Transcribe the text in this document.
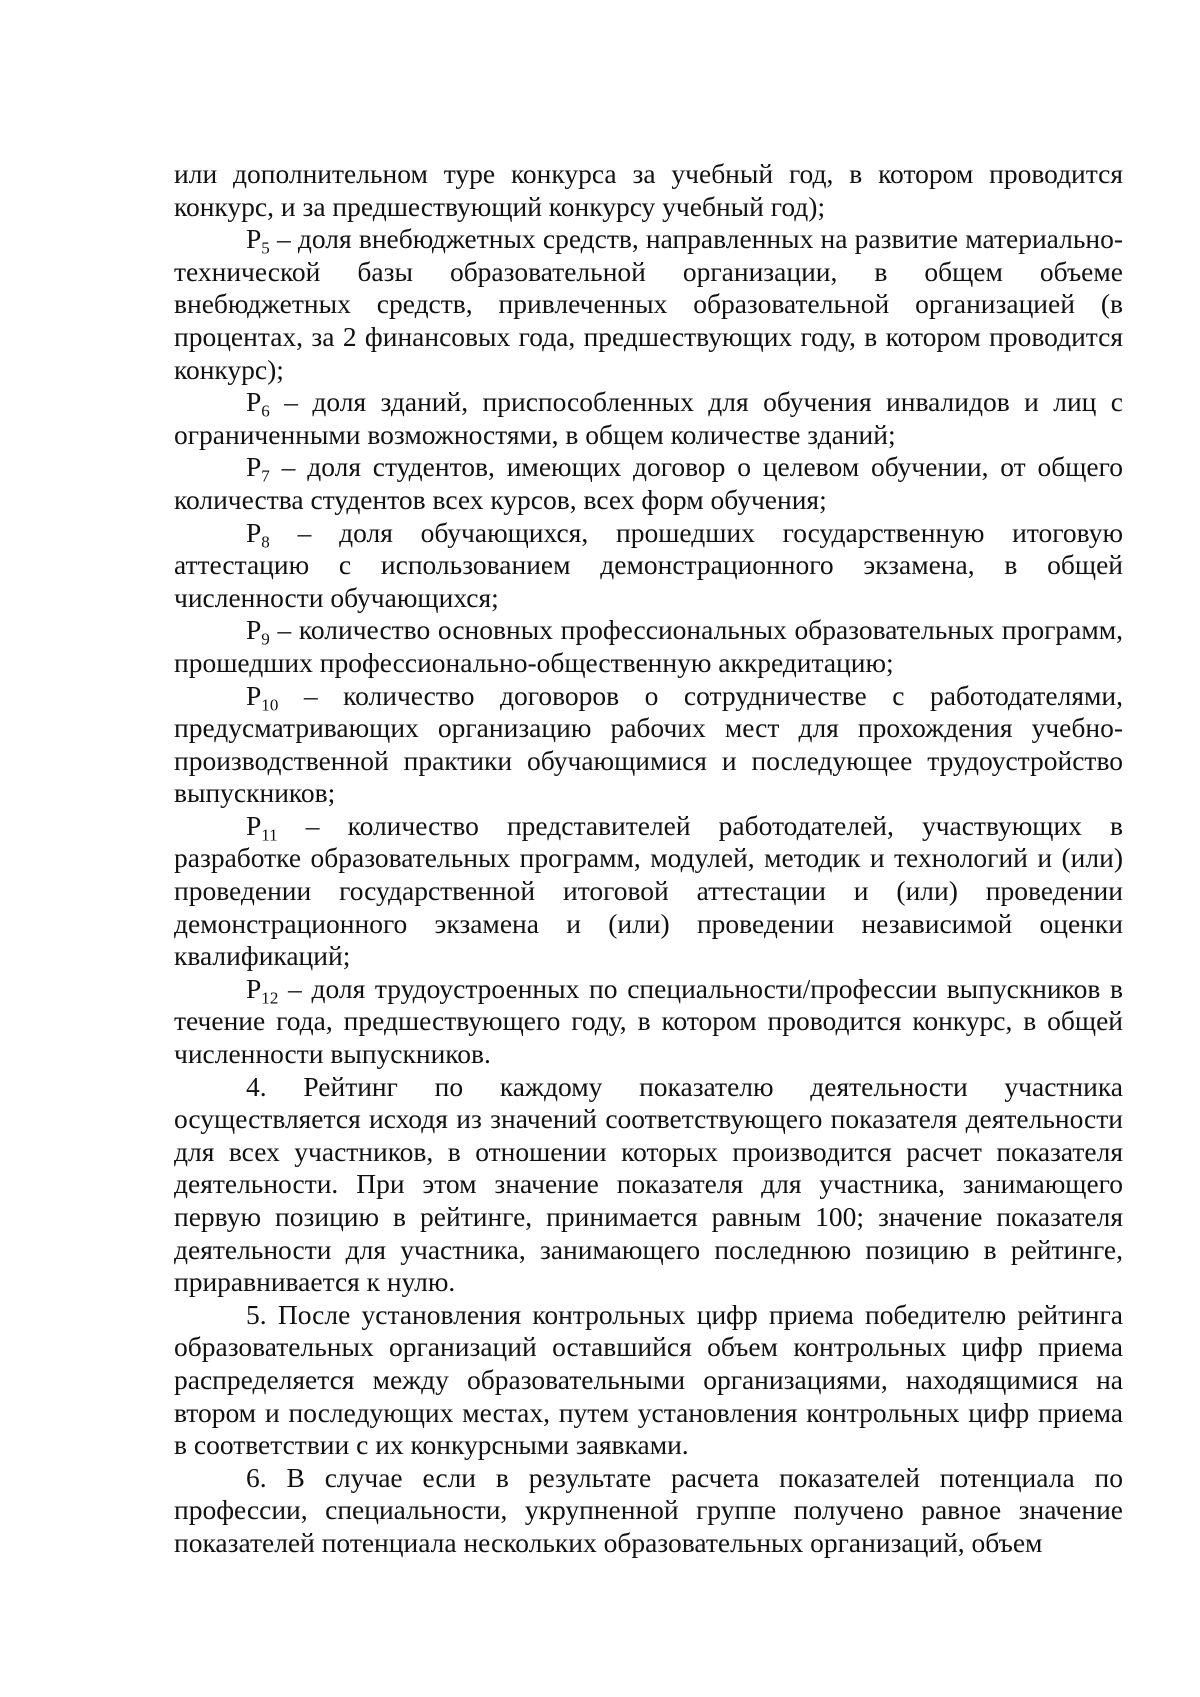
или дополнительном туре конкурса за учебный год, в котором проводится конкурс, и за предшествующий конкурсу учебный год);

$P_5$ – доля внебюджетных средств, направленных на развитие материально-технической базы образовательной организации, в общем объеме внебюджетных средств, привлеченных образовательной организацией (в процентах, за 2 финансовых года, предшествующих году, в котором проводится конкурс);

$P_6$ – доля зданий, приспособленных для обучения инвалидов и лиц с ограниченными возможностями, в общем количестве зданий;

$P_7$ – доля студентов, имеющих договор о целевом обучении, от общего количества студентов всех курсов, всех форм обучения;

$P_8$ – доля обучающихся, прошедших государственную итоговую аттестацию с использованием демонстрационного экзамена, в общей численности обучающихся;

$P_9$ – количество основных профессиональных образовательных программ, прошедших профессионально-общественную аккредитацию;

$P_{10}$ – количество договоров о сотрудничестве с работодателями, предусматривающих организацию рабочих мест для прохождения учебно-производственной практики обучающимися и последующее трудоустройство выпускников;

$P_{11}$ – количество представителей работодателей, участвующих в разработке образовательных программ, модулей, методик и технологий и (или) проведении государственной итоговой аттестации и (или) проведении демонстрационного экзамена и (или) проведении независимой оценки квалификаций;

$P_{12}$ – доля трудоустроенных по специальности/профессии выпускников в течение года, предшествующего году, в котором проводится конкурс, в общей численности выпускников.

4. Рейтинг по каждому показателю деятельности участника осуществляется исходя из значений соответствующего показателя деятельности для всех участников, в отношении которых производится расчет показателя деятельности. При этом значение показателя для участника, занимающего первую позицию в рейтинге, принимается равным 100; значение показателя деятельности для участника, занимающего последнюю позицию в рейтинге, приравнивается к нулю.

5. После установления контрольных цифр приема победителю рейтинга образовательных организаций оставшийся объем контрольных цифр приема распределяется между образовательными организациями, находящимися на втором и последующих местах, путем установления контрольных цифр приема в соответствии с их конкурсными заявками.

6. В случае если в результате расчета показателей потенциала по профессии, специальности, укрупненной группе получено равное значение показателей потенциала нескольких образовательных организаций, объем
